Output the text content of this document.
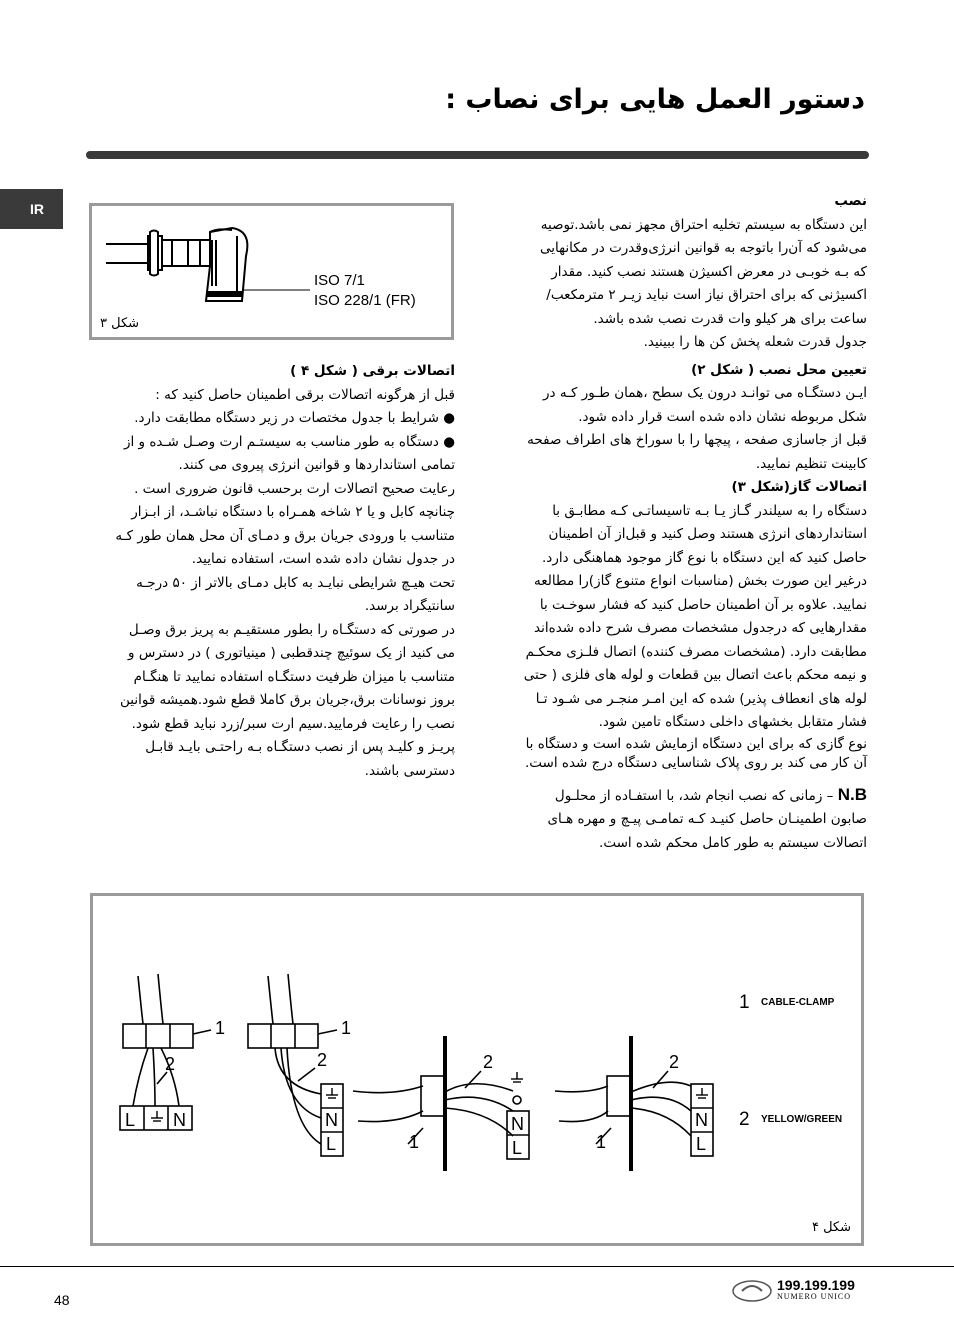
دستور العمل هایی برای نصاب :
IR
ISO 7/1
ISO 228/1 (FR)
شکل ۳
نصب

این دستگاه به سیستم تخلیه احتراق مجهز نمی باشد.توصیه

می‌شود که آن‌را باتوجه به قوانین انرژی‌وقدرت در مکانهایی

که بـه خوبـی در معرض اکسیژن هستند نصب کنید. مقدار

اکسیژنی که برای احتراق نیاز است نباید زیـر ۲ مترمکعب/

ساعت برای هر کیلو وات قدرت نصب شده باشد.

جدول قدرت شعله پخش کن ها را ببینید.

تعیین محل نصب ( شکل ۲)

ایـن دستگـاه می توانـد درون یک سطح ،همان طـور کـه در

شکل مربوطه نشان داده شده است قرار داده شود.

قبل از جاسازی صفحه ، پیچها را با سوراخ های اطراف صفحه

کابینت تنظیم نمایید.

اتصالات گاز(شکل ۳)

دستگاه را به سیلندر گـاز یـا بـه تاسیساتـی کـه مطابـق با

استانداردهای انرژی هستند وصل کنید و قبل‌از آن اطمینان

حاصل کنید که این دستگاه با نوع گاز موجود هماهنگی دارد.

درغیر این صورت بخش (مناسبات انواع متنوع گاز)را مطالعه

نمایید. علاوه بر آن اطمینان حاصل کنید که فشار سوخـت با

مقدارهایی که درجدول مشخصات مصرف شرح داده شده‌اند

مطابقت دارد. (مشخصات مصرف کننده) اتصال فلـزی محکـم

و نیمه محکم باعث اتصال بین قطعات و لوله های فلزی ( حتی

لوله های انعطاف پذیر) شده که این امـر منجـر می شـود تـا

فشار متقابل بخشهای داخلی دستگاه تامین شود.

نوع گازی که برای این دستگاه ازمایش شده است و دستگاه با

آن کار می کند بر روی پلاک شناسایی دستگاه درج شده است.

N.B – زمانی که نصب انجام شد، با استفـاده از محلـول

صابون اطمینـان حاصل کنیـد کـه تمامـی پیـچ و مهره هـای

اتصالات سیستم به طور کامل محکم شده است.

اتصالات برقی ( شکل ۴ )

قبل از هرگونه اتصالات برقی اطمینان حاصل کنید که :

● شرایط با جدول مختصات در زیر دستگاه مطابقت دارد.

● دستگاه به طور مناسب به سیستـم ارت وصـل شـده و از

تمامی استانداردها و قوانین انرژی پیروی می کنند.

رعایت صحیح اتصالات ارت برحسب قانون ضروری است .

چنانچه کابل و یا ۲ شاخه همـراه با دستگاه نباشـد، از ابـزار

متناسب با ورودی جریان برق و دمـای آن محل همان طور کـه

در جدول نشان داده شده است، استفاده نمایید.

تحت هیـچ شرایطی نبایـد به کابل دمـای بالاتر از ۵۰ درجـه

سانتیگراد برسد.

در صورتی که دستگـاه را بطور مستقیـم به پریز برق وصـل

می کنید از یک سوئیچ چندقطبی ( مینیاتوری ) در دسترس و

متناسب با میزان ظرفیت دستگـاه استفاده نمایید تا هنگـام

بروز نوسانات برق،جریان برق کاملا قطع شود.همیشه قوانین

نصب را رعایت فرمایید.سیم ارت سبر/زرد نباید قطع شود.

پریـز و کلیـد پس از نصب دستگـاه بـه راحتـی بایـد قابـل

دسترسی باشند.

1
2
L N
1
2
N
L
2
1
N
L
2
1
N
L
1 CABLE-CLAMP
2 YELLOW/GREEN
شکل ۴
48
199.199.199
NUMERO UNICO
